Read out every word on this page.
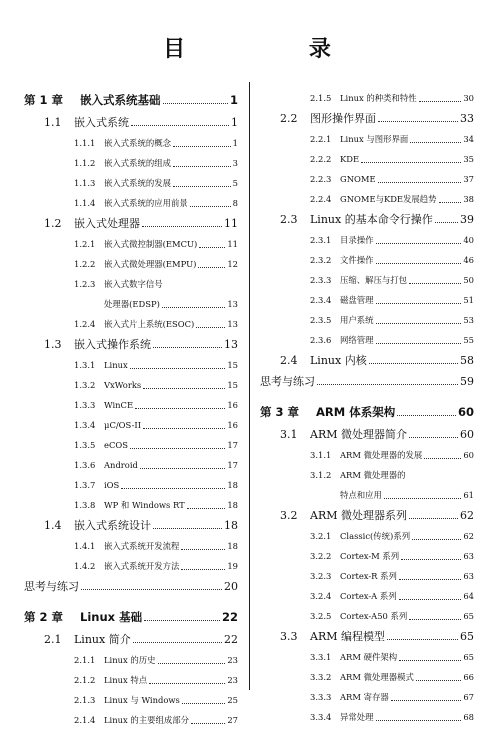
目 录
第 1 章	嵌入式系统基础	1
1.1	嵌入式系统	1
1.1.1	嵌入式系统的概念	1
1.1.2	嵌入式系统的组成	3
1.1.3	嵌入式系统的发展	5
1.1.4	嵌入式系统的应用前景	8
1.2	嵌入式处理器	11
1.2.1	嵌入式微控制器(EMCU)	11
1.2.2	嵌入式微处理器(EMPU)	12
1.2.3	嵌入式数字信号
处理器(EDSP)	13
1.2.4	嵌入式片上系统(ESOC)	13
1.3	嵌入式操作系统	13
1.3.1	Linux	15
1.3.2	VxWorks	15
1.3.3	WinCE	16
1.3.4	μC/OS-II	16
1.3.5	eCOS	17
1.3.6	Android	17
1.3.7	iOS	18
1.3.8	WP 和 Windows RT	18
1.4	嵌入式系统设计	18
1.4.1	嵌入式系统开发流程	18
1.4.2	嵌入式系统开发方法	19
思考与练习	20
第 2 章	Linux 基础	22
2.1	Linux 简介	22
2.1.1	Linux 的历史	23
2.1.2	Linux 特点	23
2.1.3	Linux 与 Windows	25
2.1.4	Linux 的主要组成部分	27
2.1.5	Linux 的种类和特性	30
2.2	图形操作界面	33
2.2.1	Linux 与图形界面	34
2.2.2	KDE	35
2.2.3	GNOME	37
2.2.4	GNOME与KDE发展趋势	38
2.3	Linux 的基本命令行操作 39
2.3.1	目录操作	40
2.3.2	文件操作	46
2.3.3	压缩、解压与打包	50
2.3.4	磁盘管理	51
2.3.5	用户系统	53
2.3.6	网络管理	55
2.4	Linux 内核	58
思考与练习	59
第 3 章	ARM 体系架构	60
3.1	ARM 微处理器简介	60
3.1.1	ARM 微处理器的发展	60
3.1.2	ARM 微处理器的
特点和应用	61
3.2	ARM 微处理器系列	62
3.2.1	Classic(传统)系列	62
3.2.2	Cortex-M 系列	63
3.2.3	Cortex-R 系列	63
3.2.4	Cortex-A 系列	64
3.2.5	Cortex-A50 系列	65
3.3	ARM 编程模型	65
3.3.1	ARM 硬件架构	65
3.3.2	ARM 微处理器模式	66
3.3.3	ARM 寄存器	67
3.3.4	异常处理	68
